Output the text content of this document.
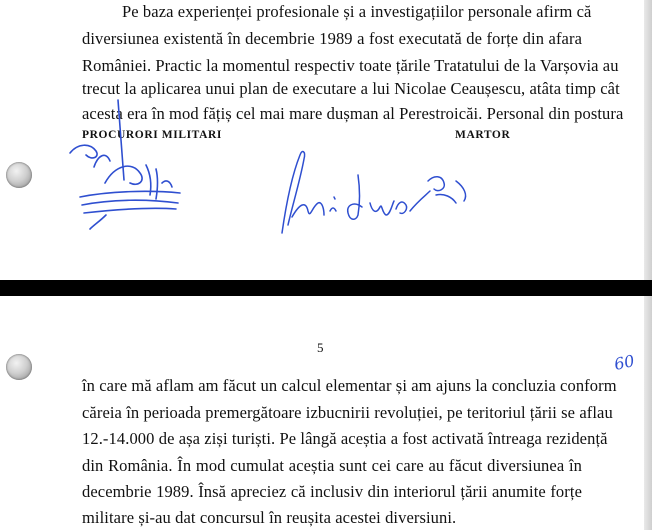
Pe baza experienței profesionale și a investigațiilor personale afirm că
diversiunea existentă în decembrie 1989 a fost executată de forțe din afara
României. Practic la momentul respectiv toate țările Tratatului de la Varșovia au
trecut la aplicarea unui plan de executare a lui Nicolae Ceaușescu, atâta timp cât
acesta era în mod fățiș cel mai mare dușman al Perestroicăi. Personal din postura
PROCURORI MILITARI	MARTOR
5
60
în care mă aflam am făcut un calcul elementar și am ajuns la concluzia conform
căreia în perioada premergătoare izbucnirii revoluției, pe teritoriul țării se aflau
12.-14.000 de așa ziși turiști. Pe lângă aceștia a fost activată întreaga rezidență
din România. În mod cumulat aceștia sunt cei care au făcut diversiunea în
decembrie 1989. Însă apreciez că inclusiv din interiorul țării anumite forțe
militare și-au dat concursul în reușita acestei diversiuni.
